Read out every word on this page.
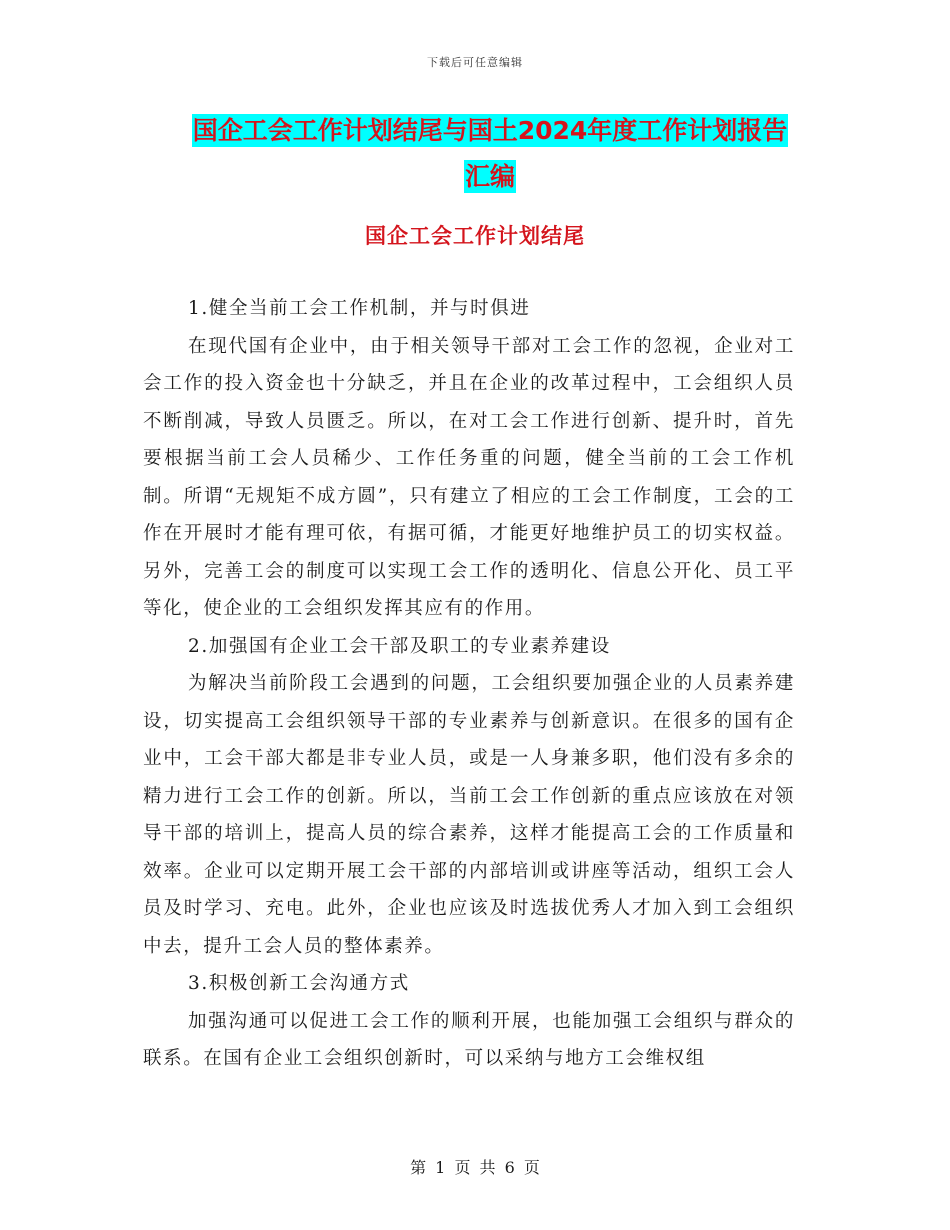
下载后可任意编辑
国企工会工作计划结尾与国土2024年度工作计划报告
汇编
国企工会工作计划结尾

1.健全当前工会工作机制，并与时俱进

在现代国有企业中，由于相关领导干部对工会工作的忽视，企业对工会工作的投入资金也十分缺乏，并且在企业的改革过程中，工会组织人员不断削减，导致人员匮乏。所以，在对工会工作进行创新、提升时，首先要根据当前工会人员稀少、工作任务重的问题，健全当前的工会工作机制。所谓“无规矩不成方圆”，只有建立了相应的工会工作制度，工会的工作在开展时才能有理可依，有据可循，才能更好地维护员工的切实权益。另外，完善工会的制度可以实现工会工作的透明化、信息公开化、员工平等化，使企业的工会组织发挥其应有的作用。

2.加强国有企业工会干部及职工的专业素养建设

为解决当前阶段工会遇到的问题，工会组织要加强企业的人员素养建设，切实提高工会组织领导干部的专业素养与创新意识。在很多的国有企业中，工会干部大都是非专业人员，或是一人身兼多职，他们没有多余的精力进行工会工作的创新。所以，当前工会工作创新的重点应该放在对领导干部的培训上，提高人员的综合素养，这样才能提高工会的工作质量和效率。企业可以定期开展工会干部的内部培训或讲座等活动，组织工会人员及时学习、充电。此外，企业也应该及时选拔优秀人才加入到工会组织中去，提升工会人员的整体素养。

3.积极创新工会沟通方式

加强沟通可以促进工会工作的顺利开展，也能加强工会组织与群众的联系。在国有企业工会组织创新时，可以采纳与地方工会维权组

第 1 页 共 6 页
